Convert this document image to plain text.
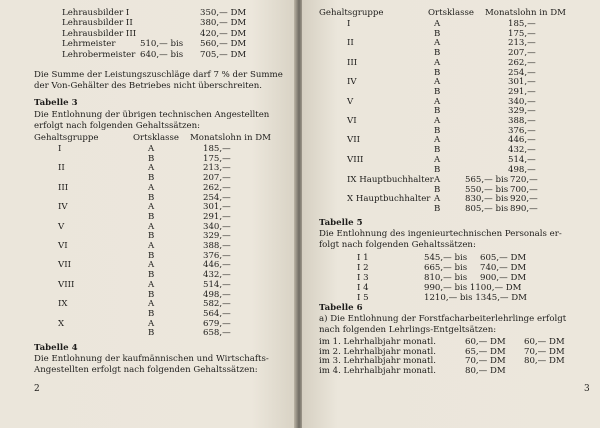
Lehrausbilder I	350,— DM
Lehrausbilder II	380,— DM
Lehrausbilder III	420,— DM
Lehrmeister	510,— bis 560,— DM
Lehrobermeister 640,— bis 705,— DM
Die Summe der Leistungszuschläge darf 7 % der Summe
der Von-Gehälter des Betriebes nicht überschreiten.
Tabelle 3
Die Entlohnung der übrigen technischen Angestellten
erfolgt nach folgenden Gehaltssätzen:
Gehaltsgruppe	Ortsklasse Monatslohn in DM
I	A	185,—
B	175,—
II	A	213,—
B	207,—
III	A	262,—
B	254,—
IV	A	301,—
B	291,—
V	A	340,—
B	329,—
VI	A	388,—
B	376,—
VII	A	446,—
B	432,—
VIII	A	514,—
B	498,—
IX	A	582,—
B	564,—
X	A	679,—
B	658,—
Tabelle 4
Die Entlohnung der kaufmännischen und Wirtschafts-
Angestellten erfolgt nach folgenden Gehaltssätzen:
2
Gehaltsgruppe	Ortsklasse Monatslohn in DM
I	A	185,—
B	175,—
II	A	213,—
B	207,—
III	A	262,—
B	254,—
IV	A	301,—
B	291,—
V	A	340,—
B	329,—
VI	A	388,—
B	376,—
VII	A	446,—
B	432,—
VIII	A	514,—
B	498,—
IX Hauptbuchhalter A	565,— bis 720,—
B	550,— bis 700,—
X Hauptbuchhalter A	830,— bis 920,—
B	805,— bis 890,—
Tabelle 5
Die Entlohnung des ingenieurtechnischen Personals er-
folgt nach folgenden Gehaltssätzen:
I 1	545,— bis 605,— DM
I 2	665,— bis 740,— DM
I 3	810,— bis 900,— DM
I 4	990,— bis 1100,— DM
I 5	1210,— bis 1345,— DM
Tabelle 6
a) Die Entlohnung der Forstfacharbeiterlehrlinge erfolgt
nach folgenden Lehrlings-Entgeltsätzen:
im 1. Lehrhalbjahr monatl.	60,— DM 60,— DM
im 2. Lehrhalbjahr monatl.	65,— DM 70,— DM
im 3. Lehrhalbjahr monatl.	70,— DM 80,— DM
im 4. Lehrhalbjahr monatl.	80,— DM
3
